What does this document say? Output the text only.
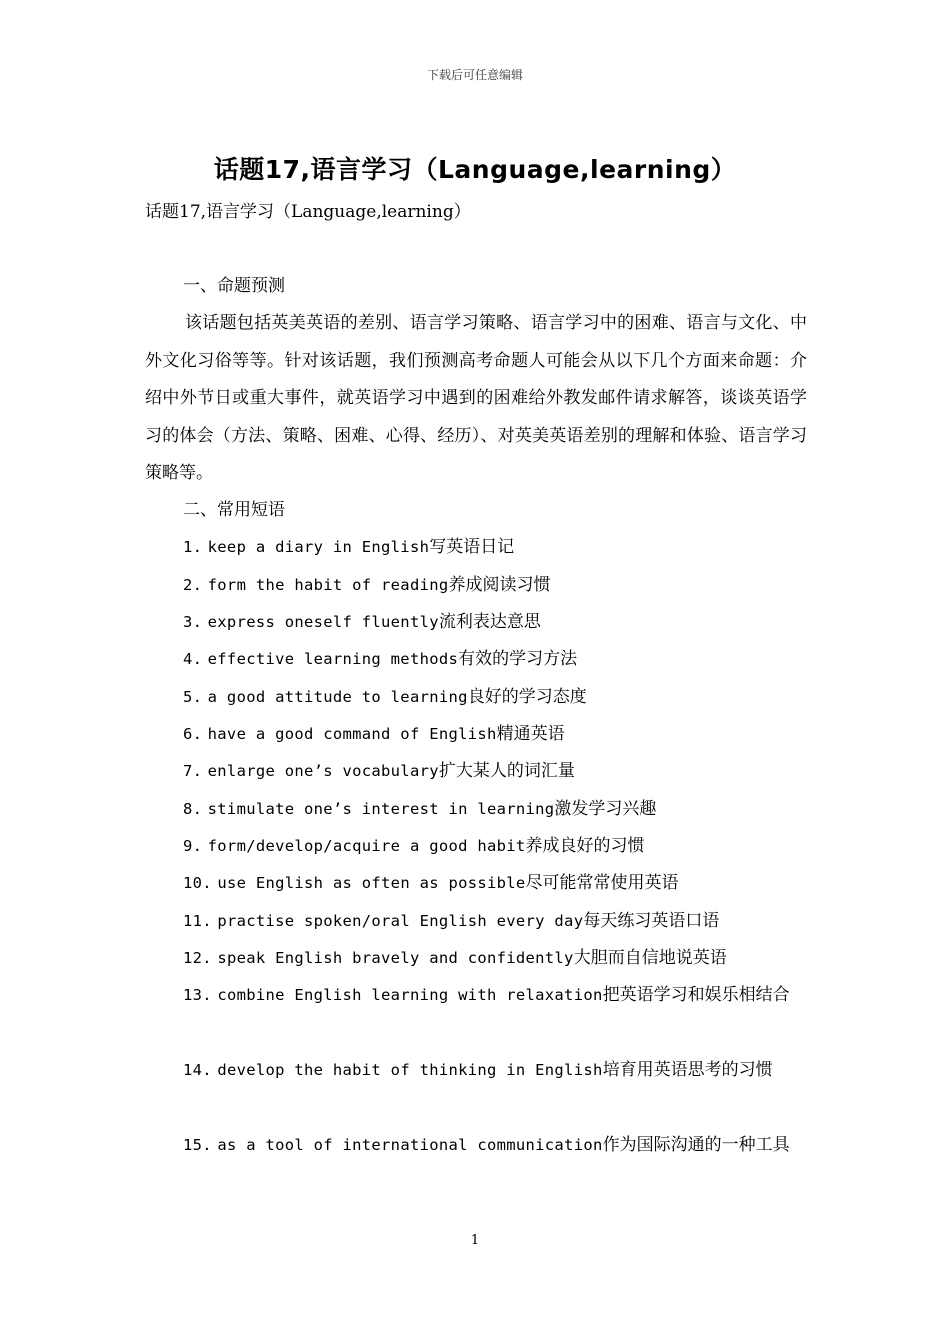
下载后可任意编辑
话题17,语言学习（Language,learning）
话题17,语言学习（Language,learning）
一、命题预测
该话题包括英美英语的差别、语言学习策略、语言学习中的困难、语言与文化、中外文化习俗等等。针对该话题，我们预测高考命题人可能会从以下几个方面来命题：介绍中外节日或重大事件，就英语学习中遇到的困难给外教发邮件请求解答，谈谈英语学习的体会（方法、策略、困难、心得、经历）、对英美英语差别的理解和体验、语言学习策略等。
二、常用短语
1. keep a diary in English写英语日记
2. form the habit of reading养成阅读习惯
3. express oneself fluently流利表达意思
4. effective learning methods有效的学习方法
5. a good attitude to learning良好的学习态度
6. have a good command of English精通英语
7. enlarge one’s vocabulary扩大某人的词汇量
8. stimulate one’s interest in learning激发学习兴趣
9. form/develop/acquire a good habit养成良好的习惯
10. use English as often as possible尽可能常常使用英语
11. practise spoken/oral English every day每天练习英语口语
12. speak English bravely and confidently大胆而自信地说英语
13. combine English learning with relaxation把英语学习和娱乐相结合
14. develop the habit of thinking in English培育用英语思考的习惯
15. as a tool of international communication作为国际沟通的一种工具
1
